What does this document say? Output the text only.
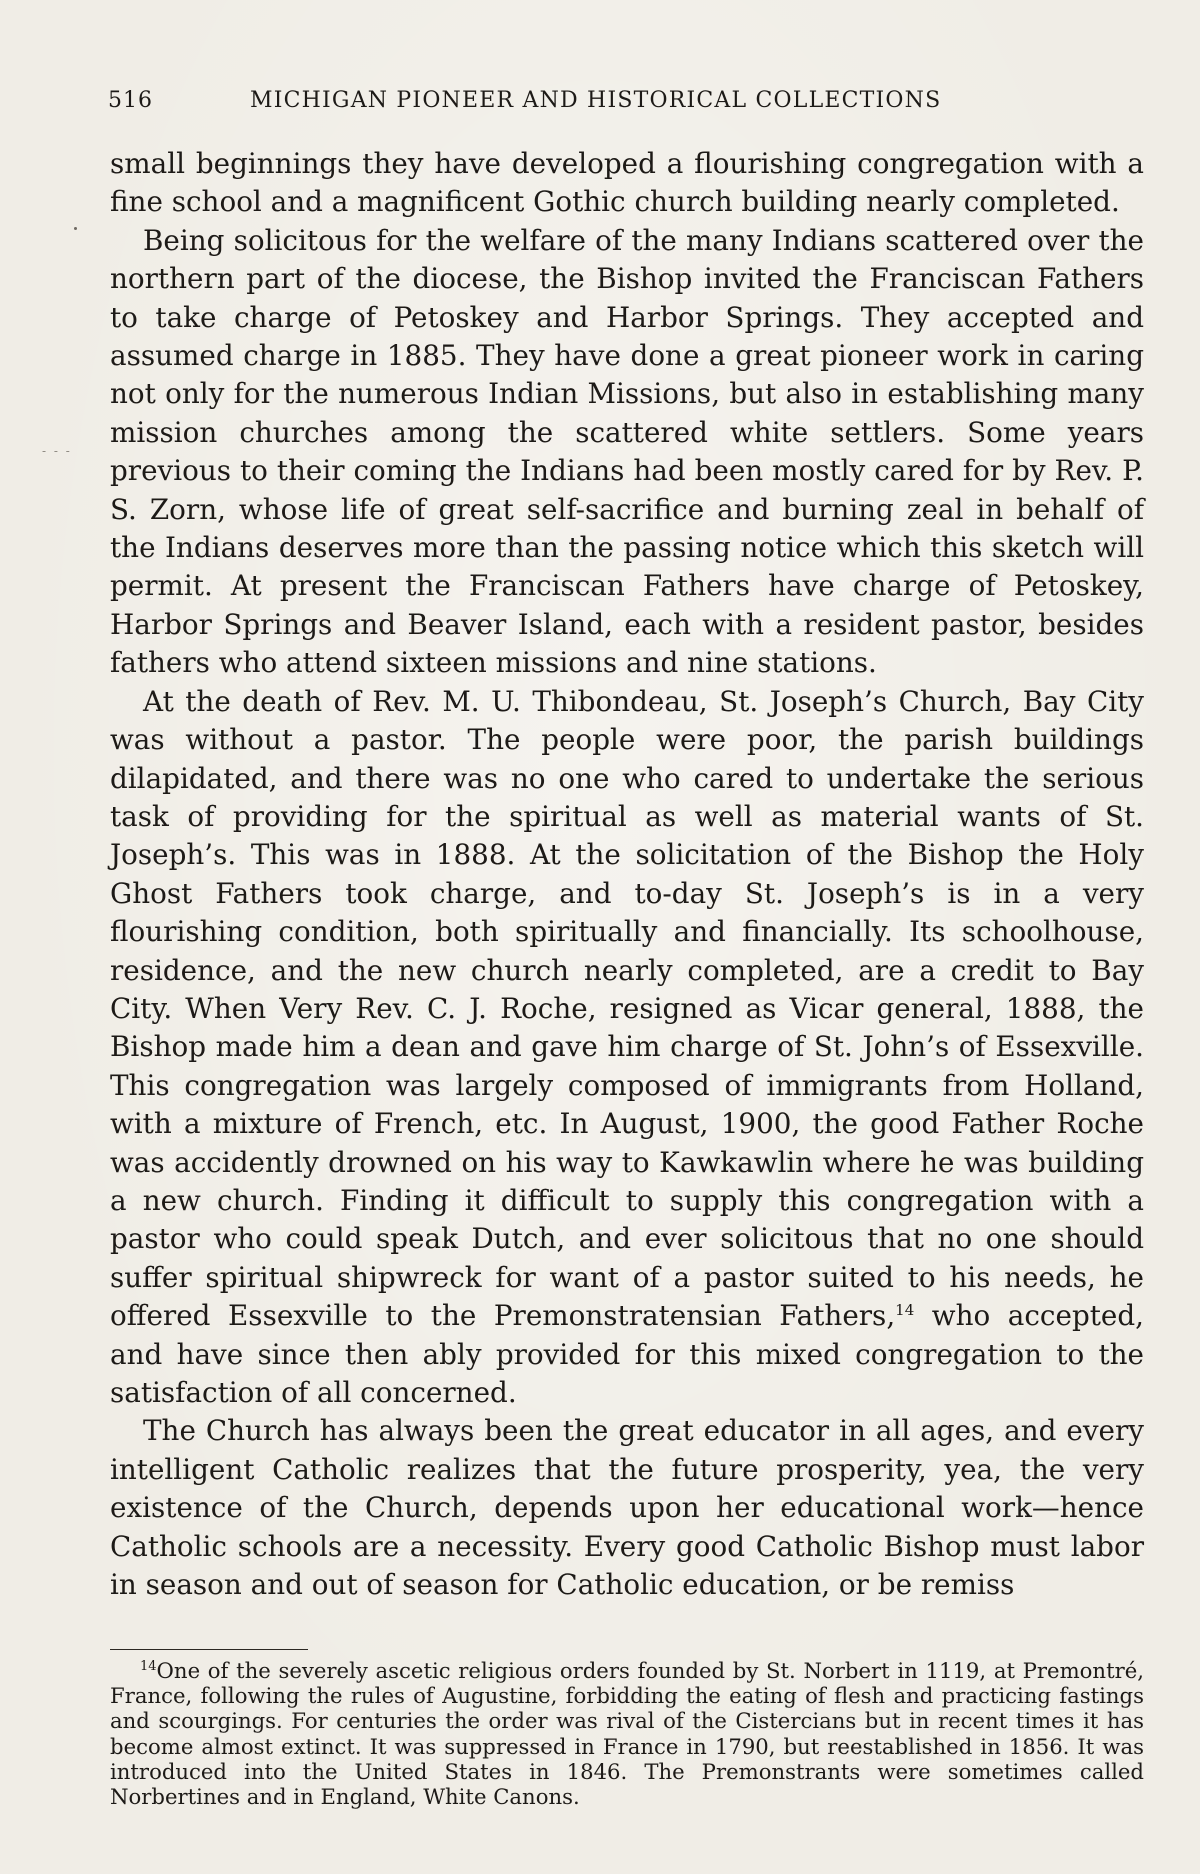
- - -
516	MICHIGAN PIONEER AND HISTORICAL COLLECTIONS

small beginnings they have developed a flourishing congregation with a fine school and a magnificent Gothic church building nearly completed.

Being solicitous for the welfare of the many Indians scattered over the northern part of the diocese, the Bishop invited the Franciscan Fathers to take charge of Petoskey and Harbor Springs. They accepted and assumed charge in 1885. They have done a great pioneer work in caring not only for the numerous Indian Missions, but also in establishing many mission churches among the scattered white settlers. Some years previous to their coming the Indians had been mostly cared for by Rev. P. S. Zorn, whose life of great self-sacrifice and burning zeal in behalf of the Indians deserves more than the passing notice which this sketch will permit. At present the Franciscan Fathers have charge of Petoskey, Harbor Springs and Beaver Island, each with a resident pastor, besides fathers who attend sixteen missions and nine stations.

At the death of Rev. M. U. Thibondeau, St. Joseph’s Church, Bay City was without a pastor. The people were poor, the parish buildings dilapidated, and there was no one who cared to undertake the serious task of providing for the spiritual as well as material wants of St. Joseph’s. This was in 1888. At the solicitation of the Bishop the Holy Ghost Fathers took charge, and to-day St. Joseph’s is in a very flourishing condition, both spiritually and financially. Its schoolhouse, residence, and the new church nearly completed, are a credit to Bay City. When Very Rev. C. J. Roche, resigned as Vicar general, 1888, the Bishop made him a dean and gave him charge of St. John’s of Essexville. This congregation was largely composed of immigrants from Holland, with a mixture of French, etc. In August, 1900, the good Father Roche was accidently drowned on his way to Kawkawlin where he was building a new church. Finding it difficult to supply this congregation with a pastor who could speak Dutch, and ever solicitous that no one should suffer spiritual shipwreck for want of a pastor suited to his needs, he offered Essexville to the Premonstratensian Fathers,$^{14}$ who accepted, and have since then ably provided for this mixed congregation to the satisfaction of all concerned.

The Church has always been the great educator in all ages, and every intelligent Catholic realizes that the future prosperity, yea, the very existence of the Church, depends upon her educational work—hence Catholic schools are a necessity. Every good Catholic Bishop must labor in season and out of season for Catholic education, or be remiss

$^{14}$One of the severely ascetic religious orders founded by St. Norbert in 1119, at Premontré, France, following the rules of Augustine, forbidding the eating of flesh and practicing fastings and scourgings. For centuries the order was rival of the Cistercians but in recent times it has become almost extinct. It was suppressed in France in 1790, but reestablished in 1856. It was introduced into the United States in 1846. The Premonstrants were sometimes called Norbertines and in England, White Canons.
